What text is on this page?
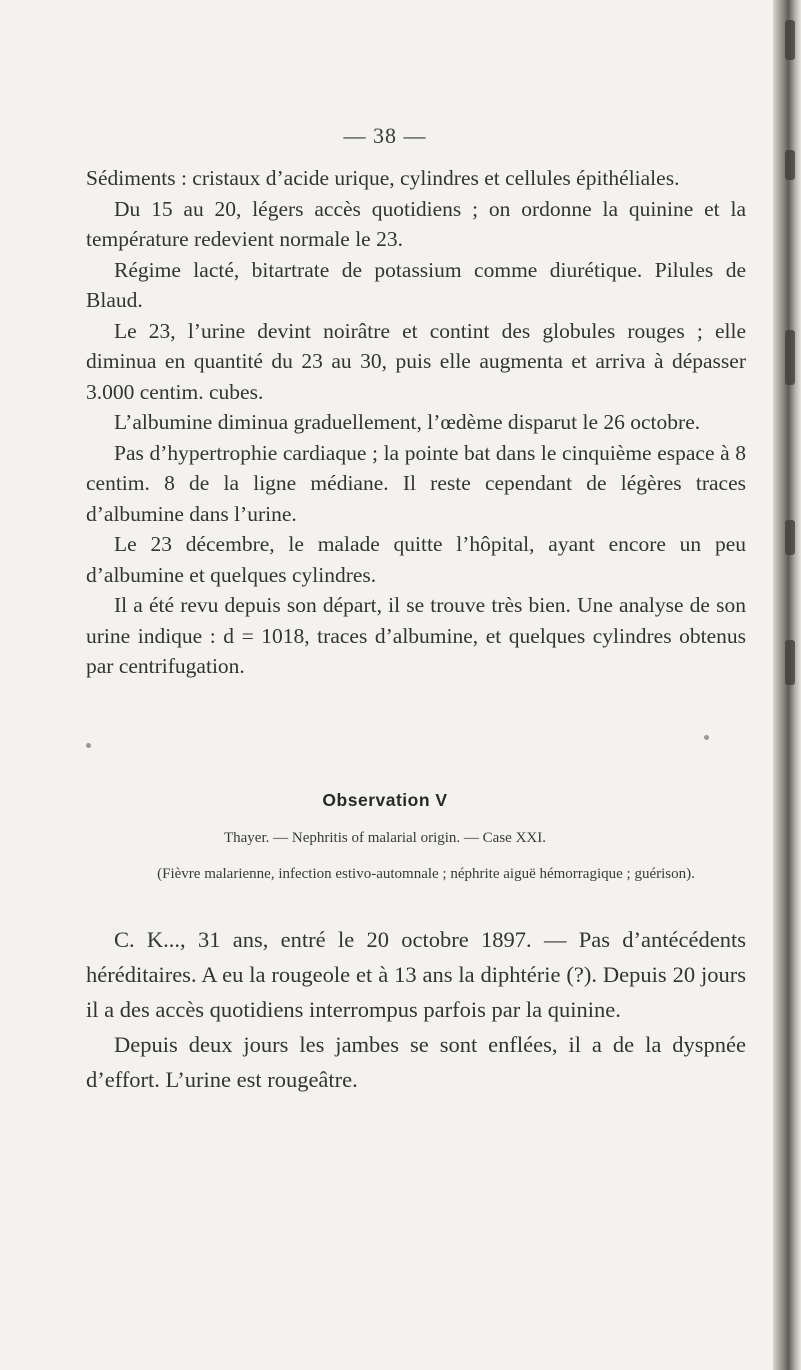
— 38 —

Sédiments : cristaux d’acide urique, cylindres et cellules épithéliales.

Du 15 au 20, légers accès quotidiens ; on ordonne la quinine et la température redevient normale le 23.

Régime lacté, bitartrate de potassium comme diurétique. Pilules de Blaud.

Le 23, l’urine devint noirâtre et contint des globules rouges ; elle diminua en quantité du 23 au 30, puis elle augmenta et arriva à dépasser 3.000 centim. cubes.

L’albumine diminua graduellement, l’œdème disparut le 26 octobre.

Pas d’hypertrophie cardiaque ; la pointe bat dans le cinquième espace à 8 centim. 8 de la ligne médiane. Il reste cependant de légères traces d’albumine dans l’urine.

Le 23 décembre, le malade quitte l’hôpital, ayant encore un peu d’albumine et quelques cylindres.

Il a été revu depuis son départ, il se trouve très bien. Une analyse de son urine indique : d = 1018, traces d’albumine, et quelques cylindres obtenus par centrifugation.

Observation V
Thayer. — Nephritis of malarial origin. — Case XXI.
(Fièvre malarienne, infection estivo-automnale ; néphrite aiguë hémorragique ; guérison).

C. K..., 31 ans, entré le 20 octobre 1897. — Pas d’antécédents héréditaires. A eu la rougeole et à 13 ans la diphtérie (?). Depuis 20 jours il a des accès quotidiens interrompus parfois par la quinine.

Depuis deux jours les jambes se sont enflées, il a de la dyspnée d’effort. L’urine est rougeâtre.
